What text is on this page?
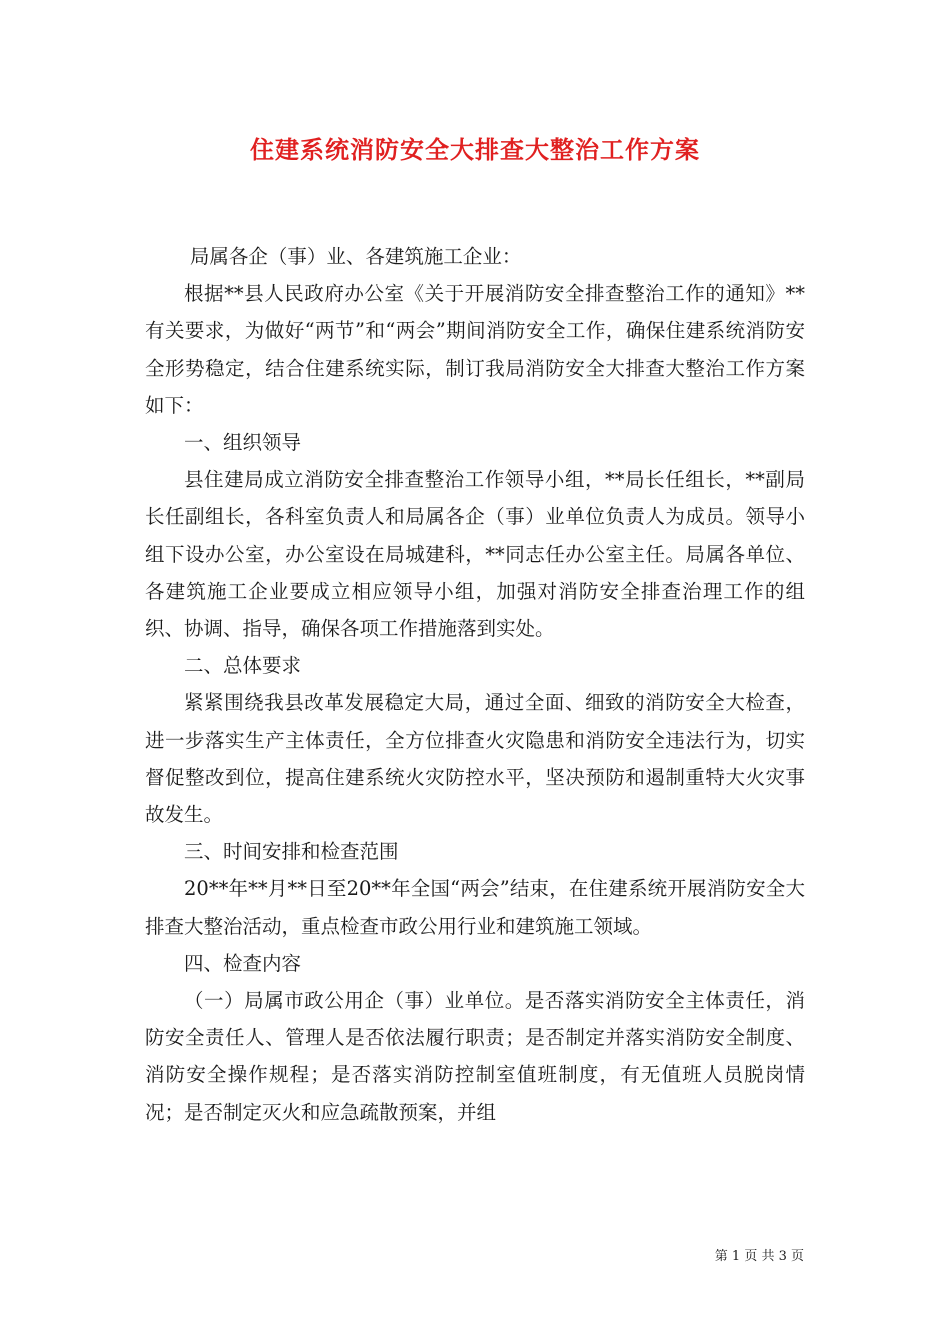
住建系统消防安全大排查大整治工作方案

局属各企（事）业、各建筑施工企业：

根据**县人民政府办公室《关于开展消防安全排查整治工作的通知》**有关要求，为做好“两节”和“两会”期间消防安全工作，确保住建系统消防安全形势稳定，结合住建系统实际，制订我局消防安全大排查大整治工作方案如下：

一、组织领导

县住建局成立消防安全排查整治工作领导小组，**局长任组长，**副局长任副组长，各科室负责人和局属各企（事）业单位负责人为成员。领导小组下设办公室，办公室设在局城建科，**同志任办公室主任。局属各单位、各建筑施工企业要成立相应领导小组，加强对消防安全排查治理工作的组织、协调、指导，确保各项工作措施落到实处。

二、总体要求

紧紧围绕我县改革发展稳定大局，通过全面、细致的消防安全大检查，进一步落实生产主体责任，全方位排查火灾隐患和消防安全违法行为，切实督促整改到位，提高住建系统火灾防控水平，坚决预防和遏制重特大火灾事故发生。

三、时间安排和检查范围

20**年**月**日至20**年全国“两会”结束，在住建系统开展消防安全大排查大整治活动，重点检查市政公用行业和建筑施工领域。

四、检查内容

（一）局属市政公用企（事）业单位。是否落实消防安全主体责任，消防安全责任人、管理人是否依法履行职责；是否制定并落实消防安全制度、消防安全操作规程；是否落实消防控制室值班制度，有无值班人员脱岗情况；是否制定灭火和应急疏散预案，并组

第 1 页 共 3 页
